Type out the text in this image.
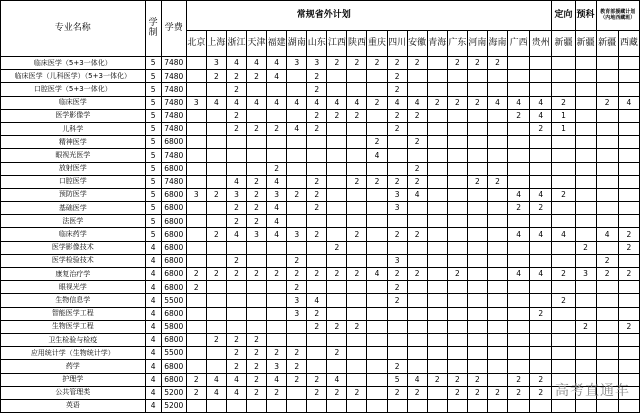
专业名称	学制	学费	常规省外计划																		定向	预科	教育部援藏计划（内地西藏班）	
			北京	上海	浙江	天津	福建	湖南	山东	江西	陕西	重庆	四川	安徽	青海	广东	河南	海南	广西	贵州	新疆	新疆	新疆	西藏
临床医学（5+3一体化）	5	7480		3	4	4	4	3	3	2	2	2	2	2		2	2	2						
临床医学（儿科医学）（5+3一体化）	5	7480		2	2	2	4		2				2											
口腔医学（5+3一体化）	5	7480			2				2				2											
临床医学	5	7480	3	4	4	4	4	4	4	4	4	2	4	4	2	2	2	4	4	4	2		2	4
医学影像学	5	7480			2				2	2	2		2	2					2	4	1			
儿科学	5	7480			2	2	2	4	2				2							2	1			
精神医学	5	6800										2		2										
眼视光医学	5	7480										4												
放射医学	5	6800					2							2										
口腔医学	5	7480			4	2	4		2		2	2	2	2			2	2						
预防医学	5	6800	3	2	3	2	3	2	2				3	4					4	4	2			
基础医学	5	6800			2	2	4		2				3						2	2				
法医学	5	6800			2	2	4																	
临床药学	5	6800		2	4	3	4	3	2		2		2	2					4	4	4		4	2
医学影像技术	4	6800								2												2		2
医学检验技术	4	6800			2			2					3										2	
康复治疗学	4	6800	2	2	2	2	2	2	2	2	2	4	2	2		2			4	4	2	3	2	2
眼视光学	4	6800	2					2					2											
生物信息学	4	5500						3	4				2								2			
智能医学工程	4	6800						3	2											2				
生物医学工程	4	5800							2	2	2											2		2
卫生检验与检疫	4	6800		2	2	2																		
应用统计学（生物统计学）	4	5500			2	2	2	2		2														
药学	4	6800			2	2	3	2					2											
护理学	4	6800	2	4	4	2	4	2	2	4			5	4	2	2	2		2	2				
公共管理类	4	5200	2	4	4	2	2		2	2	2		2	2		2	2	2	2	2				
英语	4	5200																						
高考直通车
